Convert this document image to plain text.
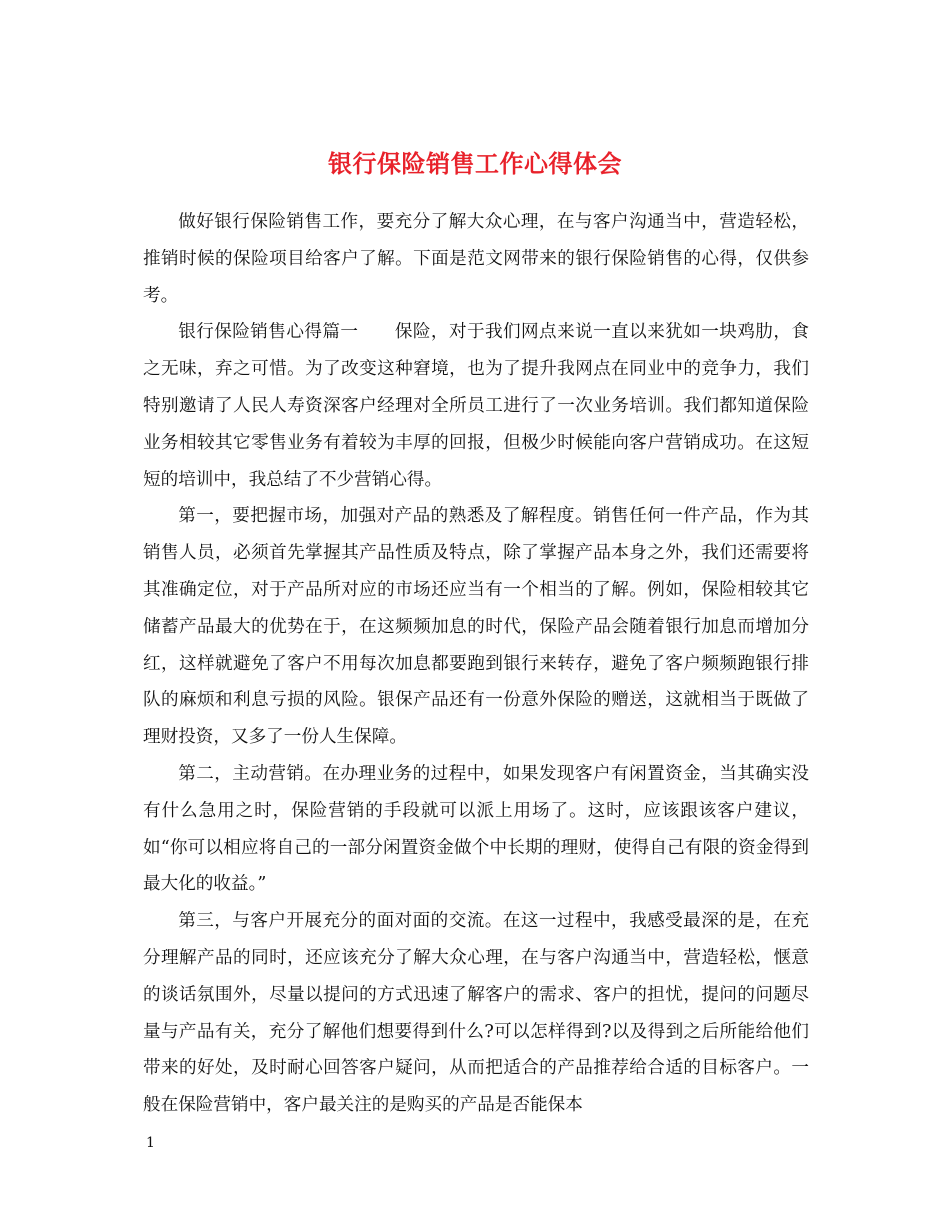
银行保险销售工作心得体会

做好银行保险销售工作，要充分了解大众心理，在与客户沟通当中，营造轻松，推销时候的保险项目给客户了解。下面是范文网带来的银行保险销售的心得，仅供参考。

银行保险销售心得篇一 保险，对于我们网点来说一直以来犹如一块鸡肋，食之无味，弃之可惜。为了改变这种窘境，也为了提升我网点在同业中的竞争力，我们特别邀请了人民人寿资深客户经理对全所员工进行了一次业务培训。我们都知道保险业务相较其它零售业务有着较为丰厚的回报，但极少时候能向客户营销成功。在这短短的培训中，我总结了不少营销心得。

第一，要把握市场，加强对产品的熟悉及了解程度。销售任何一件产品，作为其销售人员，必须首先掌握其产品性质及特点，除了掌握产品本身之外，我们还需要将其准确定位，对于产品所对应的市场还应当有一个相当的了解。例如，保险相较其它储蓄产品最大的优势在于，在这频频加息的时代，保险产品会随着银行加息而增加分红，这样就避免了客户不用每次加息都要跑到银行来转存，避免了客户频频跑银行排队的麻烦和利息亏损的风险。银保产品还有一份意外保险的赠送，这就相当于既做了理财投资，又多了一份人生保障。

第二，主动营销。在办理业务的过程中，如果发现客户有闲置资金，当其确实没有什么急用之时，保险营销的手段就可以派上用场了。这时，应该跟该客户建议，如“你可以相应将自己的一部分闲置资金做个中长期的理财，使得自己有限的资金得到最大化的收益。”

第三，与客户开展充分的面对面的交流。在这一过程中，我感受最深的是，在充分理解产品的同时，还应该充分了解大众心理，在与客户沟通当中，营造轻松，惬意的谈话氛围外，尽量以提问的方式迅速了解客户的需求、客户的担忧，提问的问题尽量与产品有关，充分了解他们想要得到什么?可以怎样得到?以及得到之后所能给他们带来的好处，及时耐心回答客户疑问，从而把适合的产品推荐给合适的目标客户。一般在保险营销中，客户最关注的是购买的产品是否能保本

1
